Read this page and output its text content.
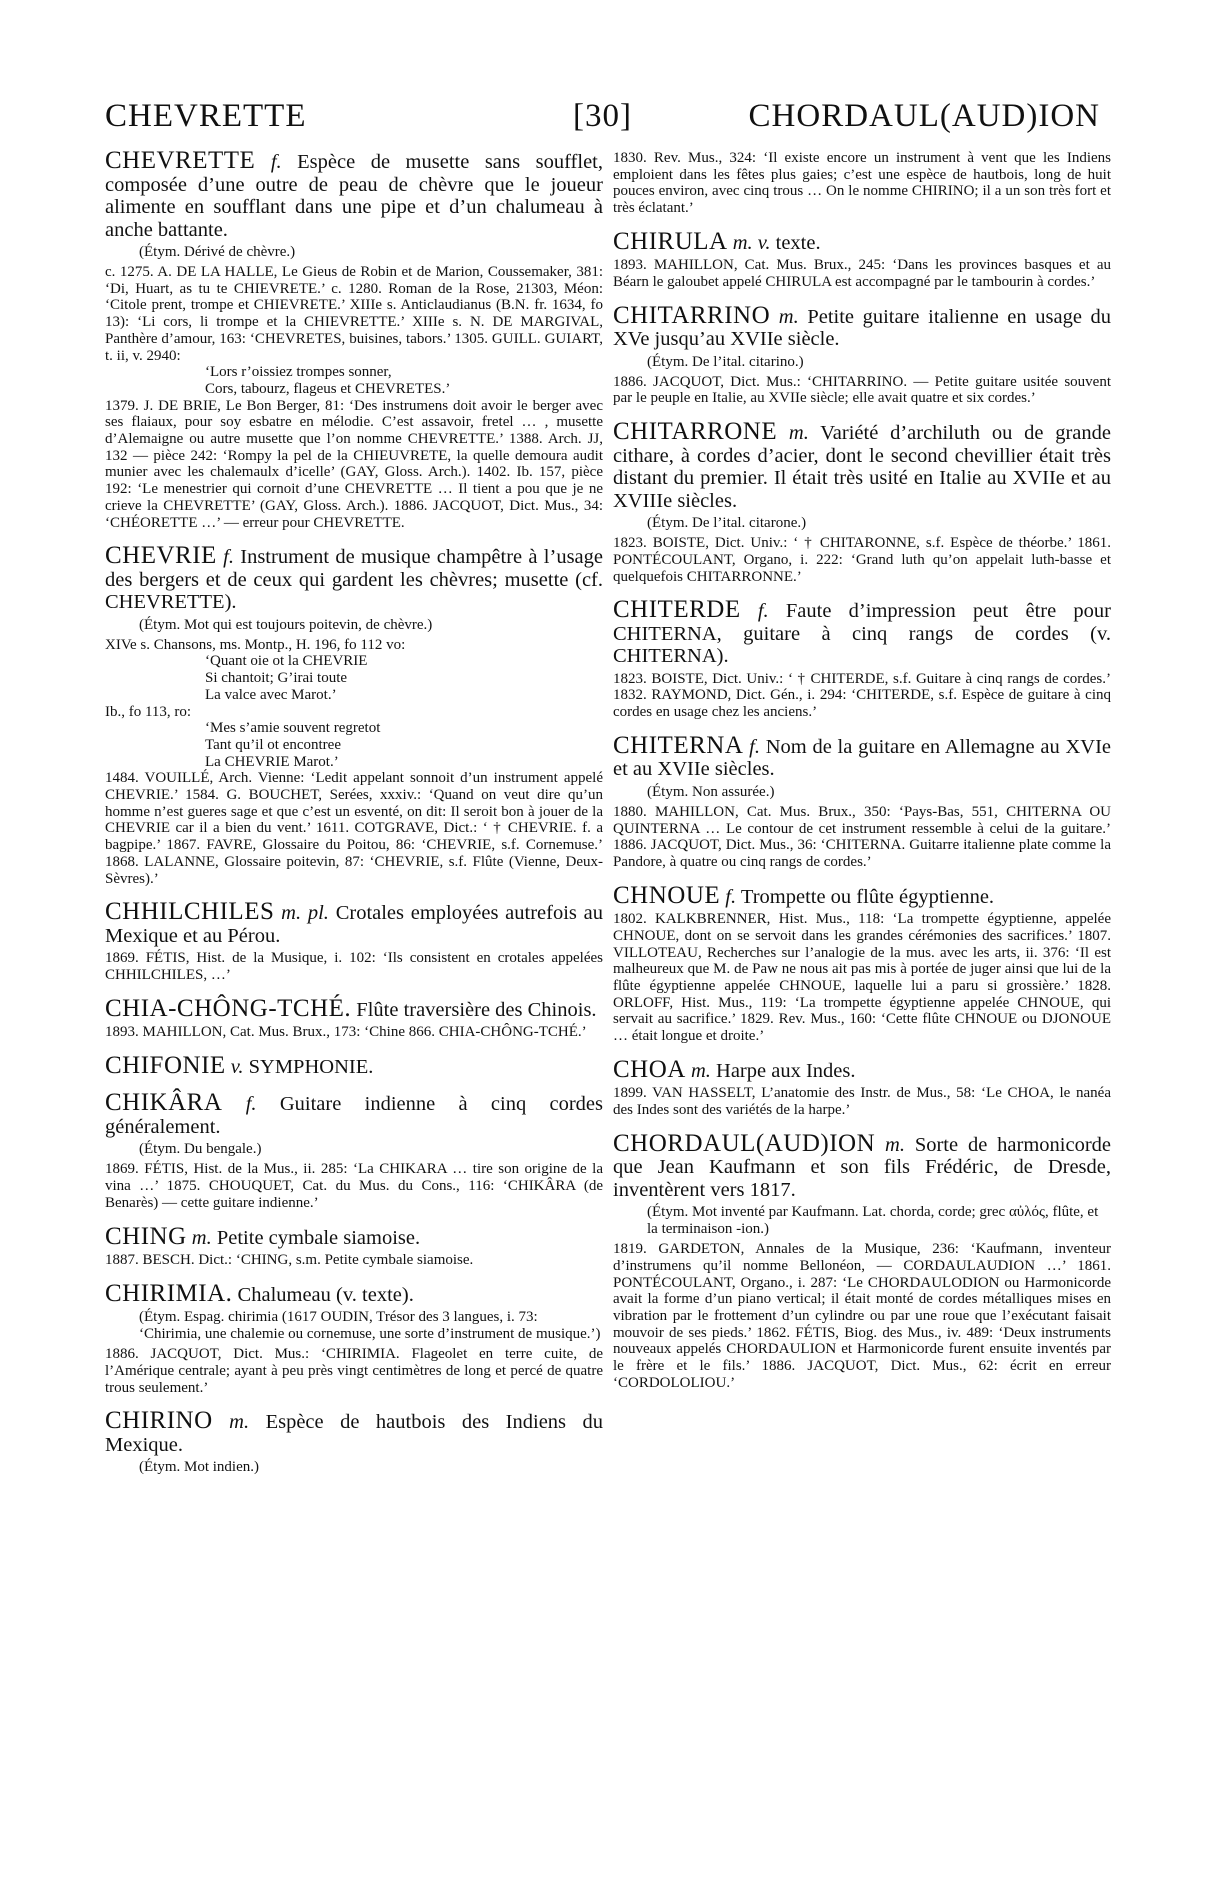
CHEVRETTE	[30]	CHORDAUL(AUD)ION

CHEVRETTE f. Espèce de musette sans soufflet, composée d’une outre de peau de chèvre que le joueur alimente en soufflant dans une pipe et d’un chalumeau à anche battante.

(Étym. Dérivé de chèvre.)

c. 1275. A. DE LA HALLE, Le Gieus de Robin et de Marion, Coussemaker, 381: ‘Di, Huart, as tu te CHIEVRETE.’ c. 1280. Roman de la Rose, 21303, Méon: ‘Citole prent, trompe et CHIEVRETE.’ XIIIe s. Anticlaudianus (B.N. fr. 1634, fo 13): ‘Li cors, li trompe et la CHIEVRETTE.’ XIIIe s. N. DE MARGIVAL, Panthère d’amour, 163: ‘CHEVRETES, buisines, tabors.’ 1305. GUILL. GUIART, t. ii, v. 2940:

‘Lors r’oissiez trompes sonner,
Cors, tabourz, flageus et CHEVRETES.’

1379. J. DE BRIE, Le Bon Berger, 81: ‘Des instrumens doit avoir le berger avec ses flaiaux, pour soy esbatre en mélodie. C’est assavoir, fretel … , musette d’Alemaigne ou autre musette que l’on nomme CHEVRETTE.’ 1388. Arch. JJ, 132 — pièce 242: ‘Rompy la pel de la CHIEUVRETE, la quelle demoura audit munier avec les chalemaulx d’icelle’ (GAY, Gloss. Arch.). 1402. Ib. 157, pièce 192: ‘Le menestrier qui cornoit d’une CHEVRETTE … Il tient a pou que je ne crieve la CHEVRETTE’ (GAY, Gloss. Arch.). 1886. JACQUOT, Dict. Mus., 34: ‘CHÉORETTE …’ — erreur pour CHEVRETTE.

CHEVRIE f. Instrument de musique champêtre à l’usage des bergers et de ceux qui gardent les chèvres; musette (cf. CHEVRETTE).

(Étym. Mot qui est toujours poitevin, de chèvre.)

XIVe s. Chansons, ms. Montp., H. 196, fo 112 vo:

‘Quant oie ot la CHEVRIE
Si chantoit; G’irai toute
La valce avec Marot.’

Ib., fo 113, ro:

‘Mes s’amie souvent regretot
Tant qu’il ot encontree
La CHEVRIE Marot.’

1484. VOUILLÉ, Arch. Vienne: ‘Ledit appelant sonnoit d’un instrument appelé CHEVRIE.’ 1584. G. BOUCHET, Serées, xxxiv.: ‘Quand on veut dire qu’un homme n’est gueres sage et que c’est un esventé, on dit: Il seroit bon à jouer de la CHEVRIE car il a bien du vent.’ 1611. COTGRAVE, Dict.: ‘ † CHEVRIE. f. a bagpipe.’ 1867. FAVRE, Glossaire du Poitou, 86: ‘CHEVRIE, s.f. Cornemuse.’ 1868. LALANNE, Glossaire poitevin, 87: ‘CHEVRIE, s.f. Flûte (Vienne, Deux-Sèvres).’

CHHILCHILES m. pl. Crotales employées autrefois au Mexique et au Pérou.

1869. FÉTIS, Hist. de la Musique, i. 102: ‘Ils consistent en crotales appelées CHHILCHILES, …’

CHIA-CHÔNG-TCHÉ. Flûte traversière des Chinois.

1893. MAHILLON, Cat. Mus. Brux., 173: ‘Chine 866. CHIA-CHÔNG-TCHÉ.’

CHIFONIE v. SYMPHONIE.

CHIKÂRA f. Guitare indienne à cinq cordes généralement.

(Étym. Du bengale.)

1869. FÉTIS, Hist. de la Mus., ii. 285: ‘La CHIKARA … tire son origine de la vina …’ 1875. CHOUQUET, Cat. du Mus. du Cons., 116: ‘CHIKÂRA (de Benarès) — cette guitare indienne.’

CHING m. Petite cymbale siamoise.

1887. BESCH. Dict.: ‘CHING, s.m. Petite cymbale siamoise.

CHIRIMIA. Chalumeau (v. texte).

(Étym. Espag. chirimia (1617 OUDIN, Trésor des 3 langues, i. 73: ‘Chirimia, une chalemie ou cornemuse, une sorte d’instrument de musique.’)

1886. JACQUOT, Dict. Mus.: ‘CHIRIMIA. Flageolet en terre cuite, de l’Amérique centrale; ayant à peu près vingt centimètres de long et percé de quatre trous seulement.’

CHIRINO m. Espèce de hautbois des Indiens du Mexique.

(Étym. Mot indien.)

1830. Rev. Mus., 324: ‘Il existe encore un instrument à vent que les Indiens emploient dans les fêtes plus gaies; c’est une espèce de hautbois, long de huit pouces environ, avec cinq trous … On le nomme CHIRINO; il a un son très fort et très éclatant.’

CHIRULA m. v. texte.

1893. MAHILLON, Cat. Mus. Brux., 245: ‘Dans les provinces basques et au Béarn le galoubet appelé CHIRULA est accompagné par le tambourin à cordes.’

CHITARRINO m. Petite guitare italienne en usage du XVe jusqu’au XVIIe siècle.

(Étym. De l’ital. citarino.)

1886. JACQUOT, Dict. Mus.: ‘CHITARRINO. — Petite guitare usitée souvent par le peuple en Italie, au XVIIe siècle; elle avait quatre et six cordes.’

CHITARRONE m. Variété d’archiluth ou de grande cithare, à cordes d’acier, dont le second chevillier était très distant du premier. Il était très usité en Italie au XVIIe et au XVIIIe siècles.

(Étym. De l’ital. citarone.)

1823. BOISTE, Dict. Univ.: ‘ † CHITARONNE, s.f. Espèce de théorbe.’ 1861. PONTÉCOULANT, Organo, i. 222: ‘Grand luth qu’on appelait luth-basse et quelquefois CHITARRONNE.’

CHITERDE f. Faute d’impression peut être pour CHITERNA, guitare à cinq rangs de cordes (v. CHITERNA).

1823. BOISTE, Dict. Univ.: ‘ † CHITERDE, s.f. Guitare à cinq rangs de cordes.’ 1832. RAYMOND, Dict. Gén., i. 294: ‘CHITERDE, s.f. Espèce de guitare à cinq cordes en usage chez les anciens.’

CHITERNA f. Nom de la guitare en Allemagne au XVIe et au XVIIe siècles.

(Étym. Non assurée.)

1880. MAHILLON, Cat. Mus. Brux., 350: ‘Pays-Bas, 551, CHITERNA OU QUINTERNA … Le contour de cet instrument ressemble à celui de la guitare.’ 1886. JACQUOT, Dict. Mus., 36: ‘CHITERNA. Guitarre italienne plate comme la Pandore, à quatre ou cinq rangs de cordes.’

CHNOUE f. Trompette ou flûte égyptienne.

1802. KALKBRENNER, Hist. Mus., 118: ‘La trompette égyptienne, appelée CHNOUE, dont on se servoit dans les grandes cérémonies des sacrifices.’ 1807. VILLOTEAU, Recherches sur l’analogie de la mus. avec les arts, ii. 376: ‘Il est malheureux que M. de Paw ne nous ait pas mis à portée de juger ainsi que lui de la flûte égyptienne appelée CHNOUE, laquelle lui a paru si grossière.’ 1828. ORLOFF, Hist. Mus., 119: ‘La trompette égyptienne appelée CHNOUE, qui servait au sacrifice.’ 1829. Rev. Mus., 160: ‘Cette flûte CHNOUE ou DJONOUE … était longue et droite.’

CHOA m. Harpe aux Indes.

1899. VAN HASSELT, L’anatomie des Instr. de Mus., 58: ‘Le CHOA, le nanéa des Indes sont des variétés de la harpe.’

CHORDAUL(AUD)ION m. Sorte de harmonicorde que Jean Kaufmann et son fils Frédéric, de Dresde, inventèrent vers 1817.

(Étym. Mot inventé par Kaufmann. Lat. chorda, corde; grec αὐλός, flûte, et la terminaison -ion.)

1819. GARDETON, Annales de la Musique, 236: ‘Kaufmann, inventeur d’instrumens qu’il nomme Bellonéon, — CORDAULAUDION …’ 1861. PONTÉCOULANT, Organo., i. 287: ‘Le CHORDAULODION ou Harmonicorde avait la forme d’un piano vertical; il était monté de cordes métalliques mises en vibration par le frottement d’un cylindre ou par une roue que l’exécutant faisait mouvoir de ses pieds.’ 1862. FÉTIS, Biog. des Mus., iv. 489: ‘Deux instruments nouveaux appelés CHORDAULION et Harmonicorde furent ensuite inventés par le frère et le fils.’ 1886. JACQUOT, Dict. Mus., 62: écrit en erreur ‘CORDOLOLIOU.’
